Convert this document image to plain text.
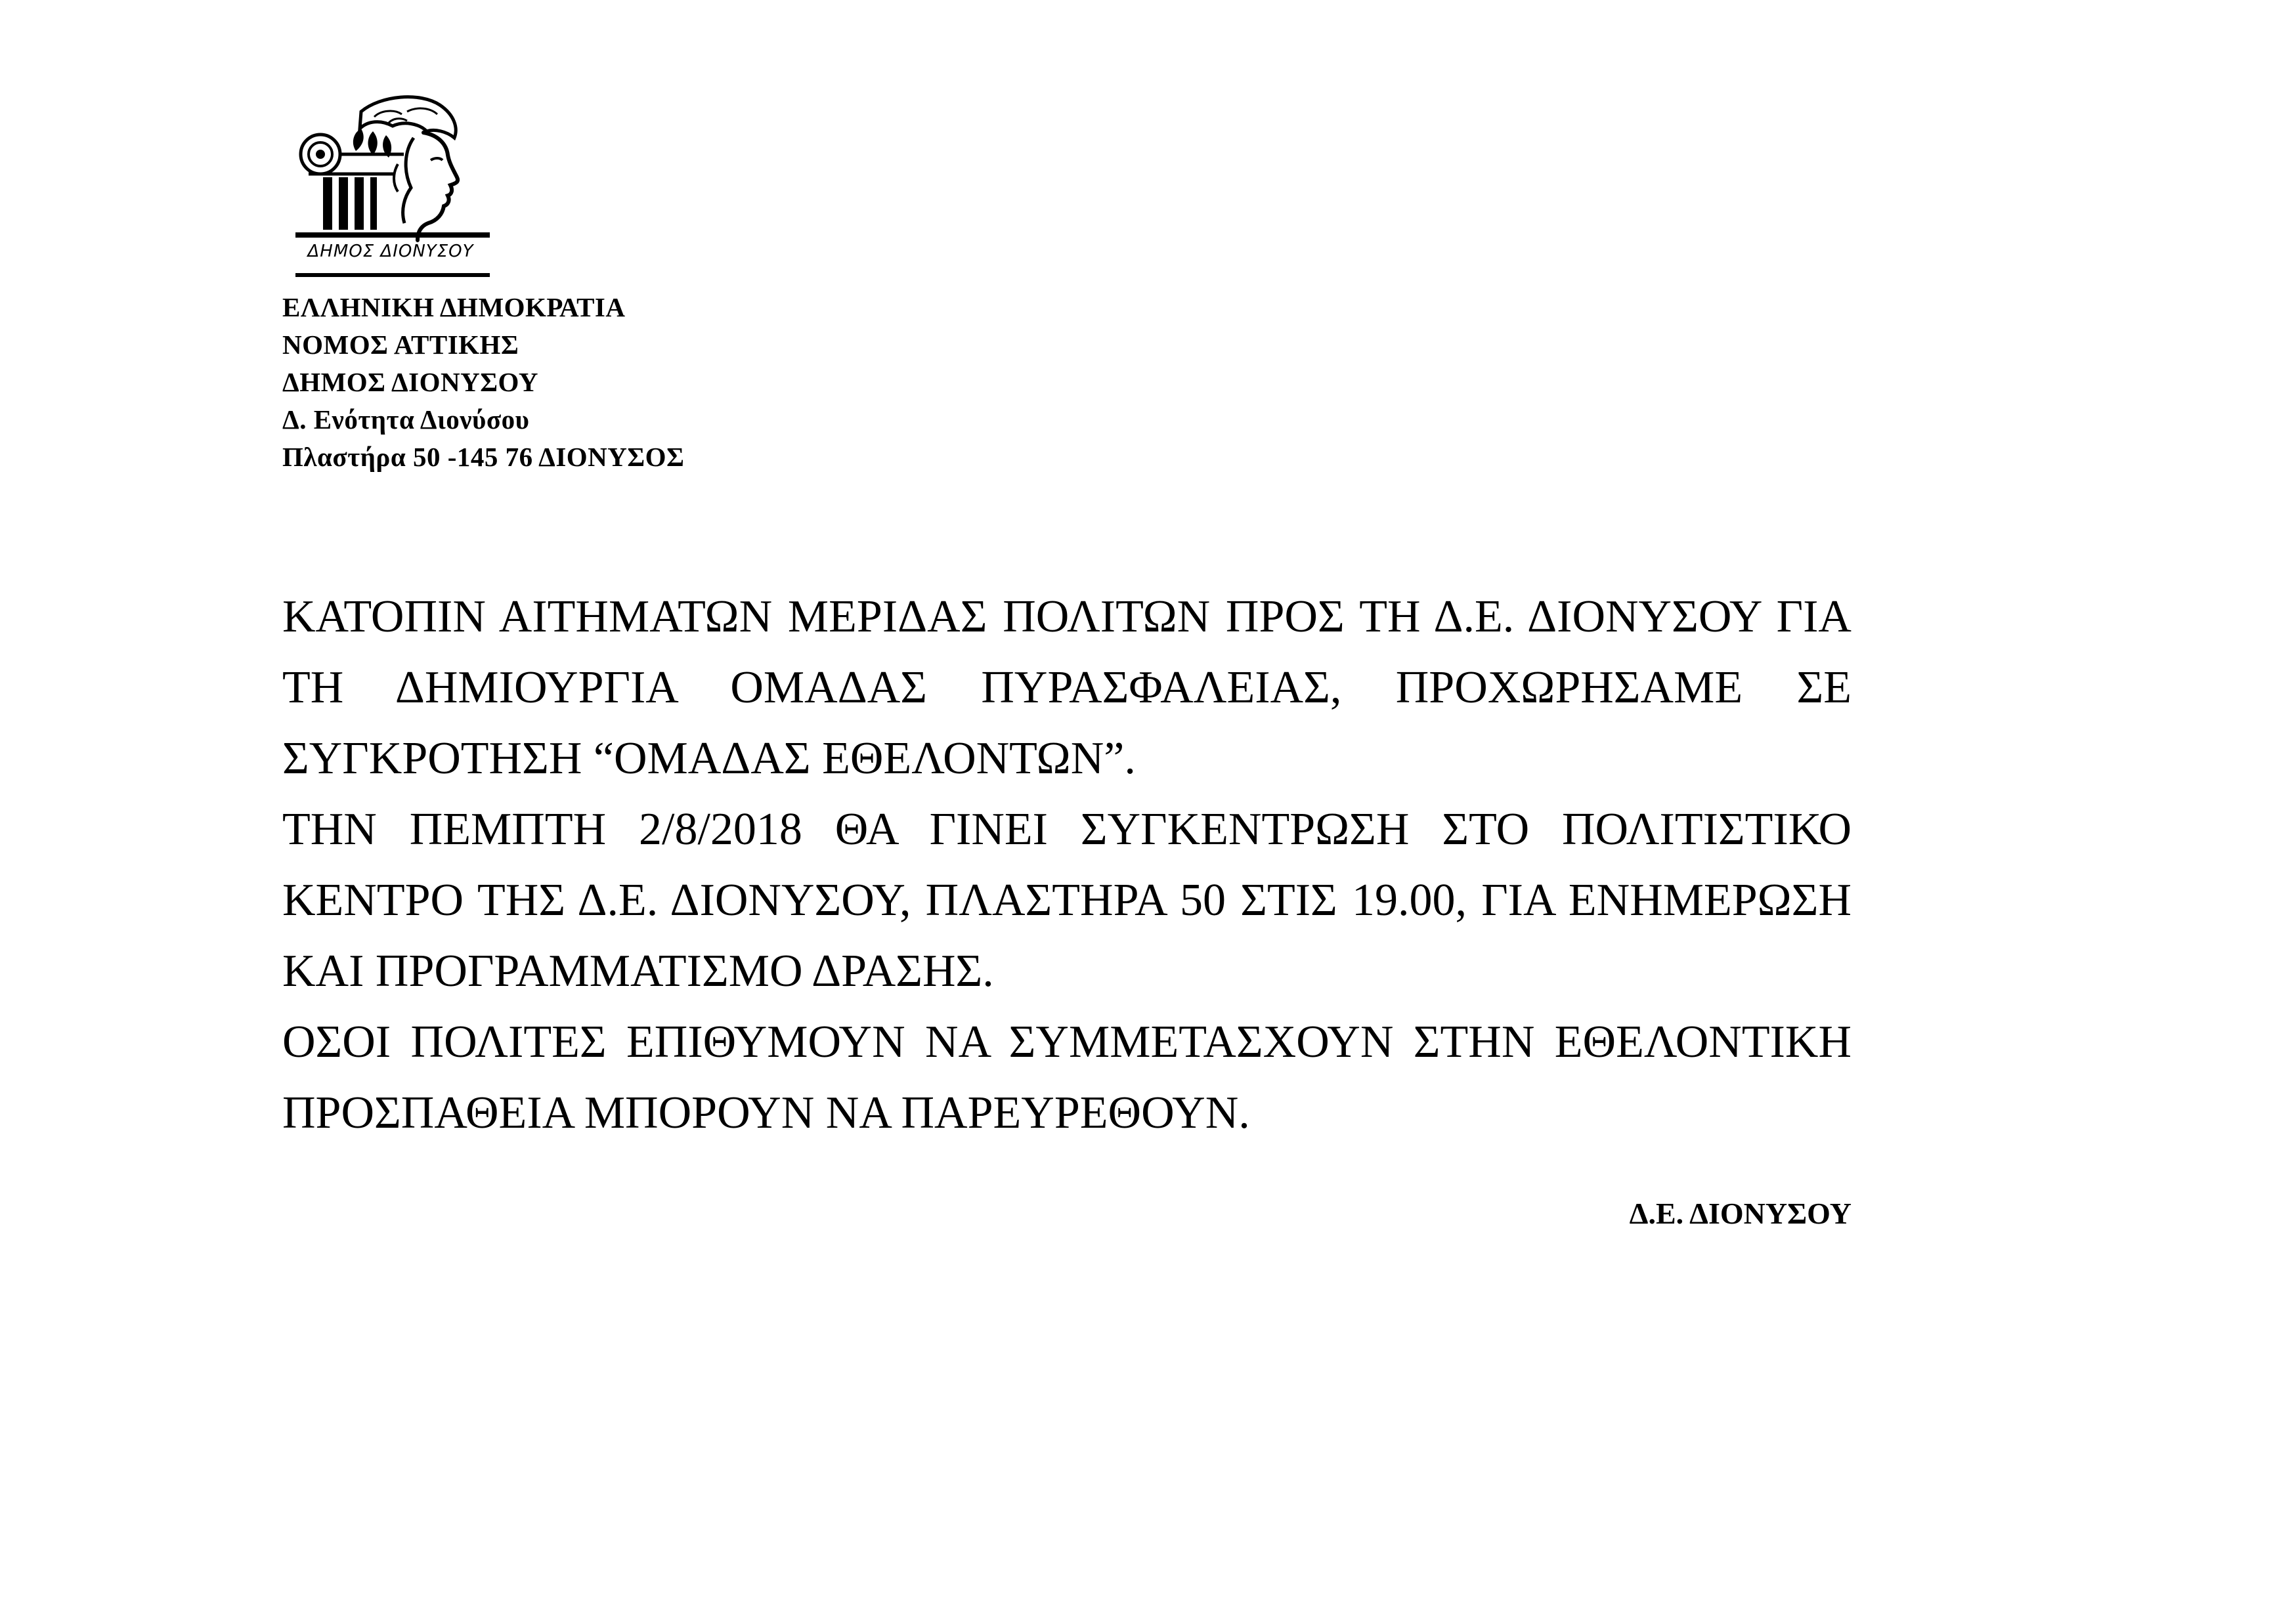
ΔΗΜΟΣ ΔΙΟΝΥΣΟΥ
ΕΛΛΗΝΙΚΗ ΔΗΜΟΚΡΑΤΙΑ
ΝΟΜΟΣ ΑΤΤΙΚΗΣ
ΔΗΜΟΣ ΔΙΟΝΥΣΟΥ
Δ. Ενότητα Διονύσου
Πλαστήρα 50 -145 76 ΔΙΟΝΥΣΟΣ

ΚΑΤΟΠΙΝ ΑΙΤΗΜΑΤΩΝ ΜΕΡΙΔΑΣ ΠΟΛΙΤΩΝ ΠΡΟΣ ΤΗ Δ.Ε. ΔΙΟΝΥΣΟΥ ΓΙΑ ΤΗ ΔΗΜΙΟΥΡΓΙΑ ΟΜΑΔΑΣ ΠΥΡΑΣΦΑΛΕΙΑΣ, ΠΡΟΧΩΡΗΣΑΜΕ ΣΕ ΣΥΓΚΡΟΤΗΣΗ “ΟΜΑΔΑΣ ΕΘΕΛΟΝΤΩΝ”.

ΤΗΝ ΠΕΜΠΤΗ 2/8/2018 ΘΑ ΓΙΝΕΙ ΣΥΓΚΕΝΤΡΩΣΗ ΣΤΟ ΠΟΛΙΤΙΣΤΙΚΟ ΚΕΝΤΡΟ ΤΗΣ Δ.Ε. ΔΙΟΝΥΣΟΥ, ΠΛΑΣΤΗΡΑ 50 ΣΤΙΣ 19.00, ΓΙΑ ΕΝΗΜΕΡΩΣΗ ΚΑΙ ΠΡΟΓΡΑΜΜΑΤΙΣΜΟ ΔΡΑΣΗΣ.

ΟΣΟΙ ΠΟΛΙΤΕΣ ΕΠΙΘΥΜΟΥΝ ΝΑ ΣΥΜΜΕΤΑΣΧΟΥΝ ΣΤΗΝ ΕΘΕΛΟΝΤΙΚΗ ΠΡΟΣΠΑΘΕΙΑ ΜΠΟΡΟΥΝ ΝΑ ΠΑΡΕΥΡΕΘΟΥΝ.

Δ.Ε. ΔΙΟΝΥΣΟΥ
